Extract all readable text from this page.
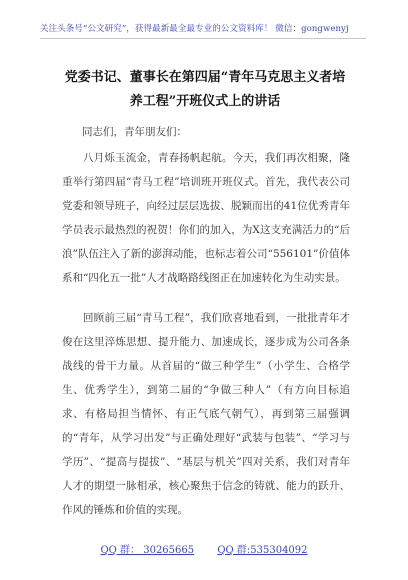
关注头条号“公文研究”，获得最新最全最专业的公文资料库！ 微信：gongwenyj
党委书记、董事长在第四届“青年马克思主义者培养工程”开班仪式上的讲话
同志们，青年朋友们：

八月烁玉流金，青春扬帆起航。今天，我们再次相聚，隆重举行第四届“青马工程”培训班开班仪式。首先，我代表公司党委和领导班子，向经过层层选拔、脱颖而出的41位优秀青年学员表示最热烈的祝贺！你们的加入，为X这支充满活力的“后浪”队伍注入了新的澎湃动能，也标志着公司“556101”价值体系和“四化五一批”人才战略路线图正在加速转化为生动实景。

回顾前三届“青马工程”，我们欣喜地看到，一批批青年才俊在这里淬炼思想、提升能力、加速成长，逐步成为公司各条战线的骨干力量。从首届的“做三种学生”（小学生、合格学生、优秀学生），到第二届的“争做三种人”（有方向目标追求、有格局担当情怀、有正气底气朝气），再到第三届强调的“青年，从学习出发”与正确处理好“武装与包装”、“学习与学历”、“提高与提拔”、“基层与机关”四对关系，我们对青年人才的期望一脉相承，核心聚焦于信念的铸就、能力的跃升、作风的锤炼和价值的实现。

QQ 群： 30265665 QQ 群:535304092
